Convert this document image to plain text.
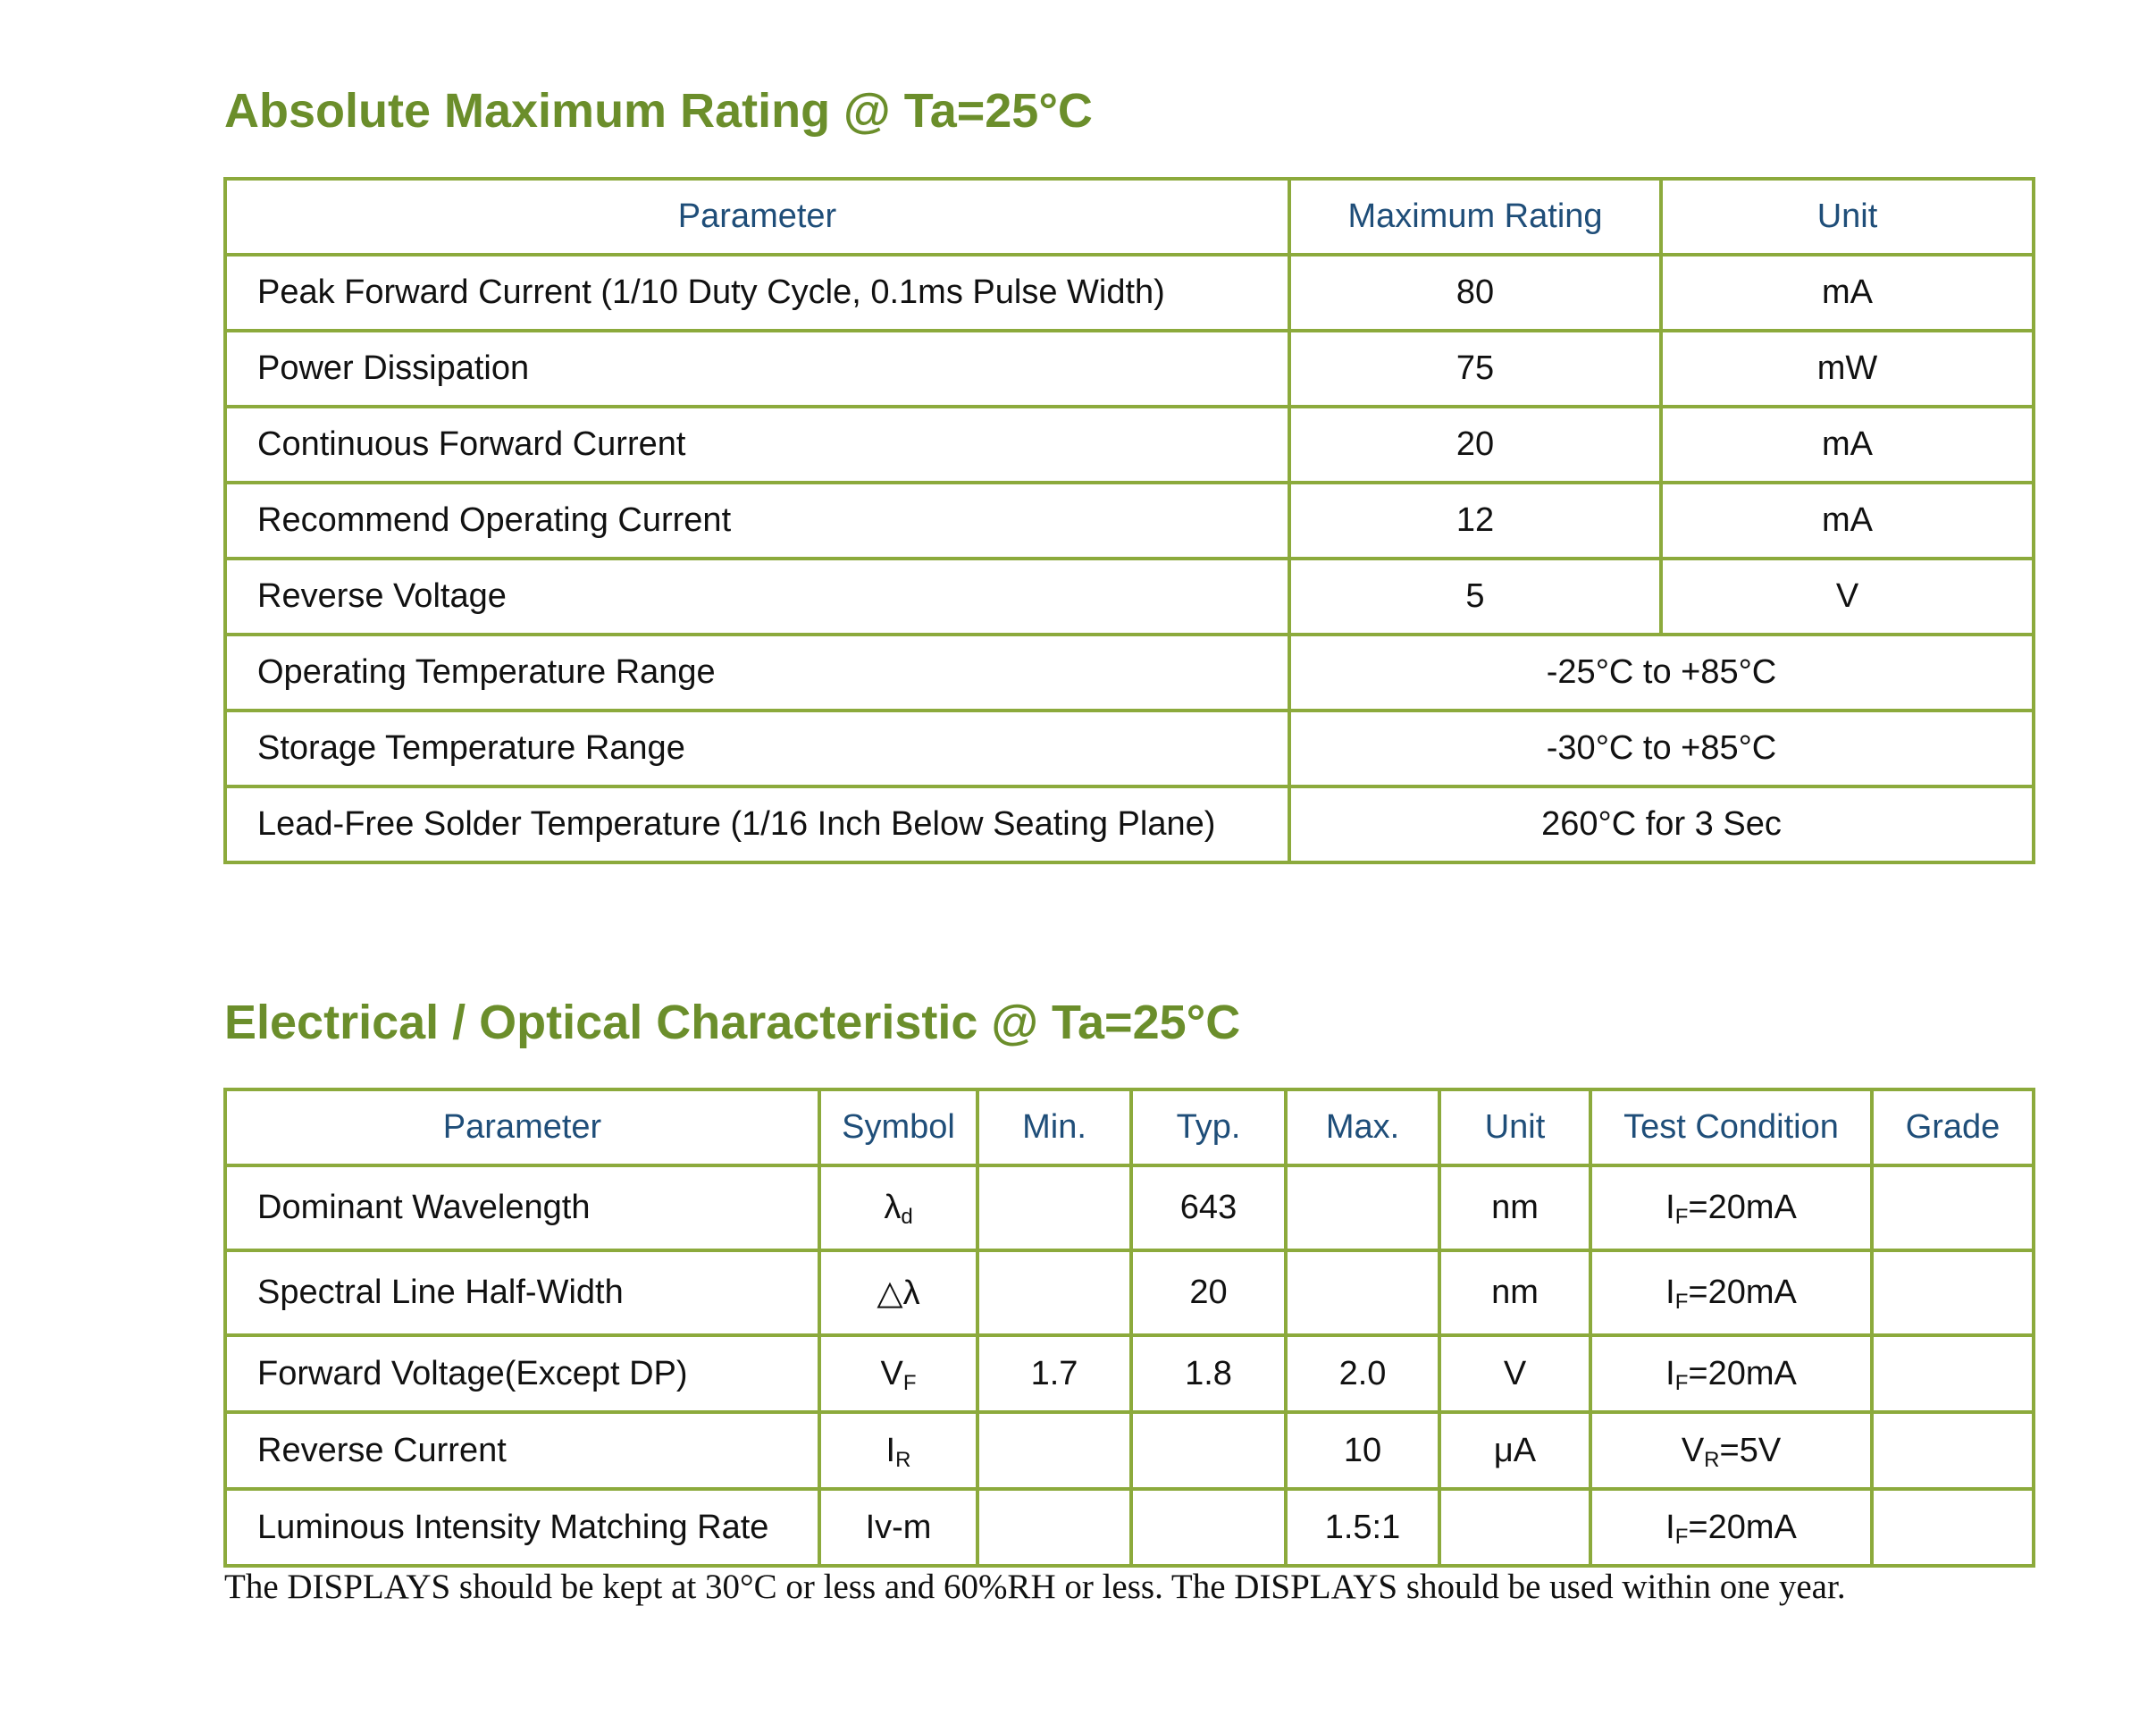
Absolute Maximum Rating @ Ta=25°C
Parameter	Maximum Rating	Unit
Peak Forward Current (1/10 Duty Cycle, 0.1ms Pulse Width)	80	mA
Power Dissipation	75	mW
Continuous Forward Current	20	mA
Recommend Operating Current	12	mA
Reverse Voltage	5	V
Operating Temperature Range	-25°C to +85°C	
Storage Temperature Range	-30°C to +85°C	
Lead-Free Solder Temperature (1/16 Inch Below Seating Plane)	260°C for 3 Sec	
Electrical / Optical Characteristic @ Ta=25°C
Parameter	Symbol	Min.	Typ.	Max.	Unit	Test Condition	Grade
Dominant Wavelength	$\lambda_d$		643		nm	$I_F=20mA$	
Spectral Line Half-Width	△λ		20		nm	$I_F=20mA$	
Forward Voltage(Except DP)	$V_F$	1.7	1.8	2.0	V	$I_F=20mA$	
Reverse Current	$I_R$			10	μA	$V_R=5V$	
Luminous Intensity Matching Rate	Iv-m			1.5:1		$I_F=20mA$	

The DISPLAYS should be kept at 30°C or less and 60%RH or less. The DISPLAYS should be used within one year.
